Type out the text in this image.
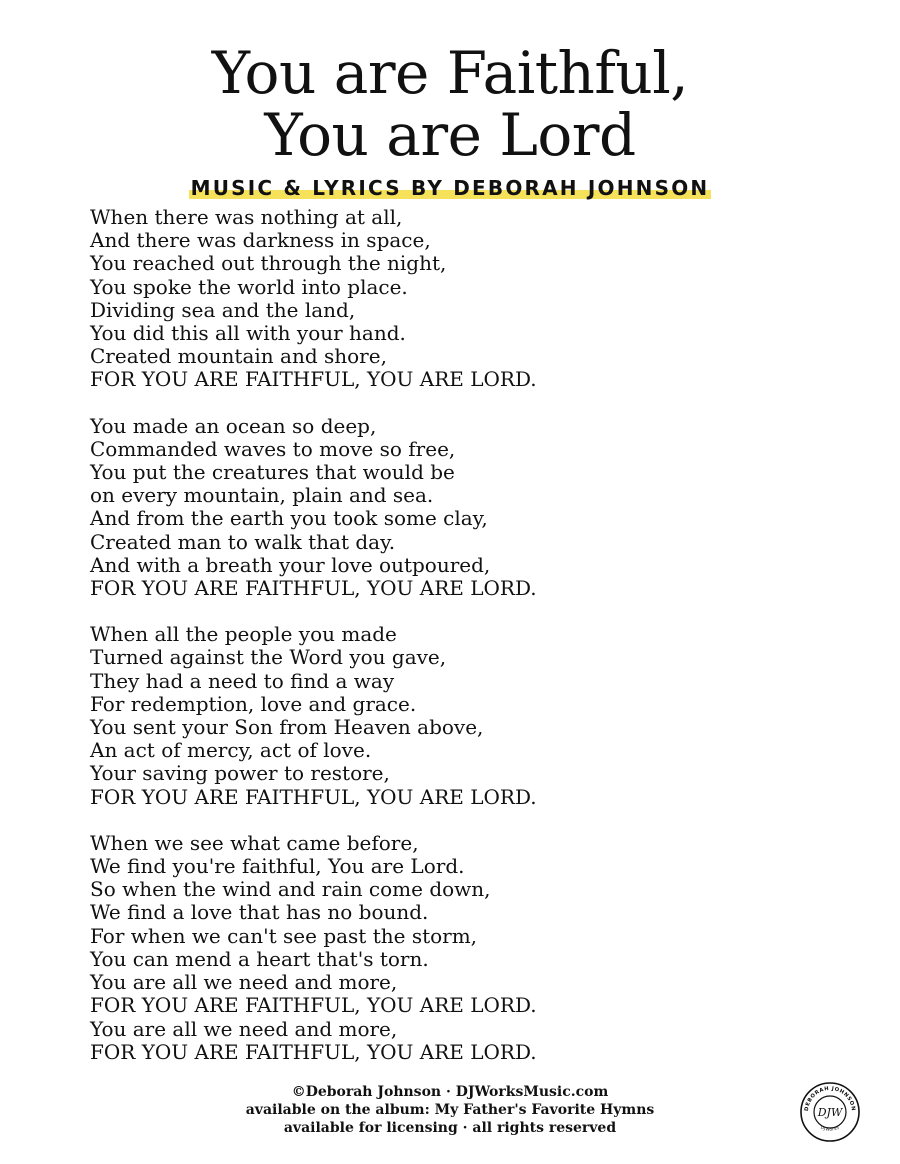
You are Faithful,
You are Lord
MUSIC & LYRICS BY DEBORAH JOHNSON
When there was nothing at all,
And there was darkness in space,
You reached out through the night,
You spoke the world into place.
Dividing sea and the land,
You did this all with your hand.
Created mountain and shore,
FOR YOU ARE FAITHFUL, YOU ARE LORD.
You made an ocean so deep,
Commanded waves to move so free,
You put the creatures that would be
on every mountain, plain and sea.
And from the earth you took some clay,
Created man to walk that day.
And with a breath your love outpoured,
FOR YOU ARE FAITHFUL, YOU ARE LORD.
When all the people you made
Turned against the Word you gave,
They had a need to find a way
For redemption, love and grace.
You sent your Son from Heaven above,
An act of mercy, act of love.
Your saving power to restore,
FOR YOU ARE FAITHFUL, YOU ARE LORD.
When we see what came before,
We find you're faithful, You are Lord.
So when the wind and rain come down,
We find a love that has no bound.
For when we can't see past the storm,
You can mend a heart that's torn.
You are all we need and more,
FOR YOU ARE FAITHFUL, YOU ARE LORD.
You are all we need and more,
FOR YOU ARE FAITHFUL, YOU ARE LORD.
©Deborah Johnson · DJWorksMusic.com
available on the album: My Father's Favorite Hymns
available for licensing · all rights reserved
DEBORAH JOHNSON
DJWorks
DJW
